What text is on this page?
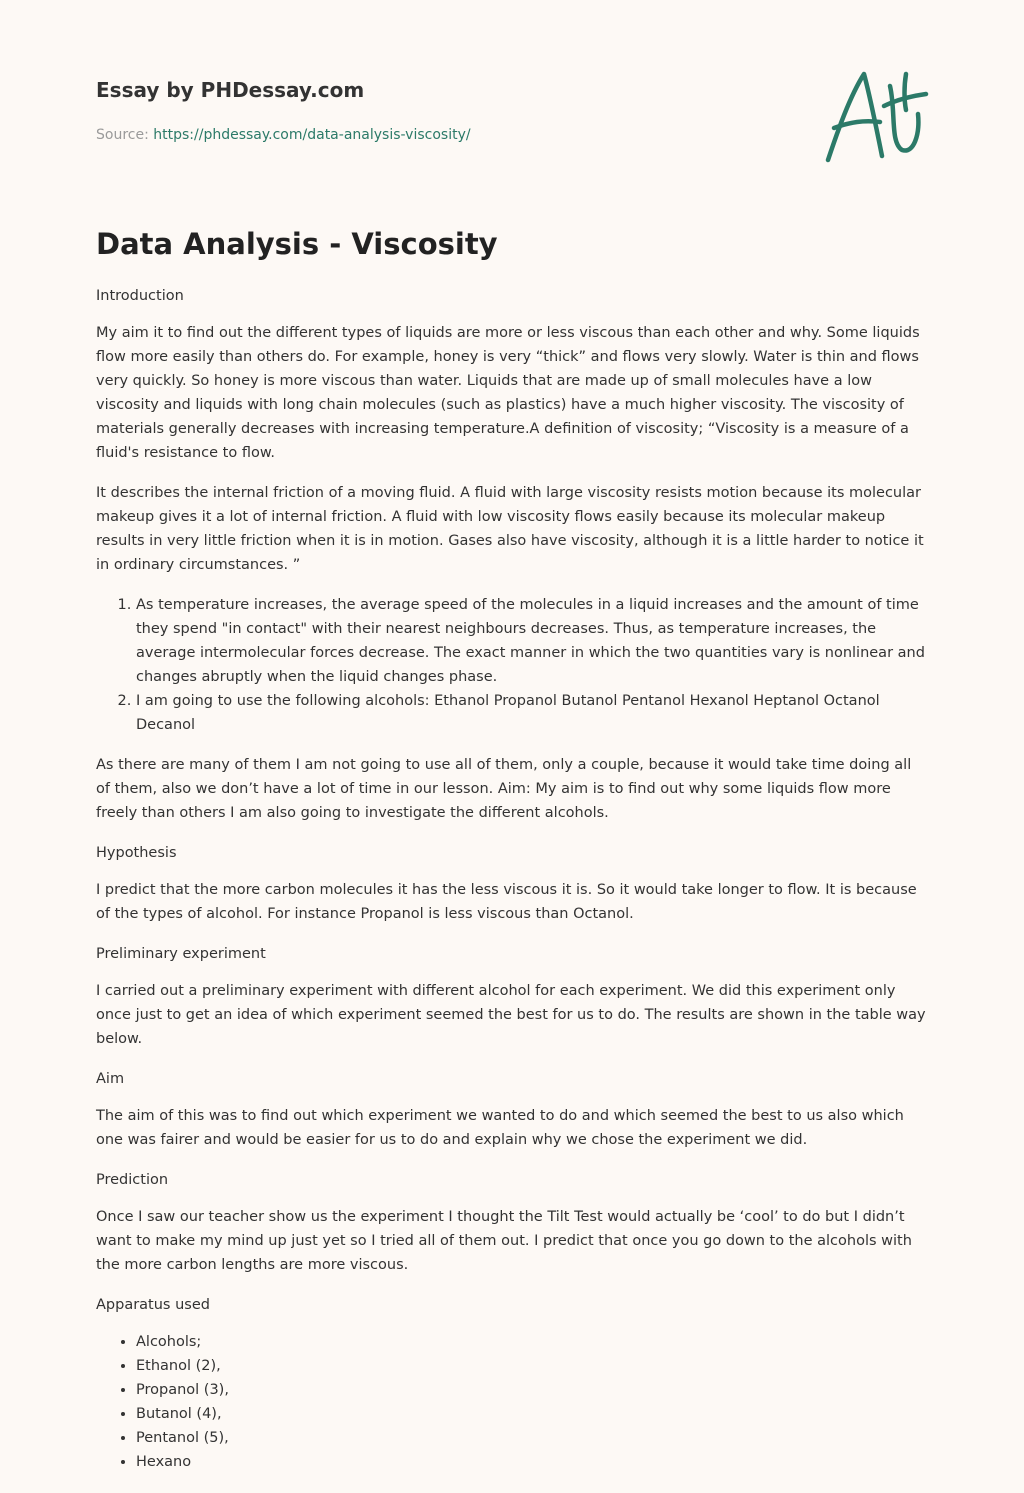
Essay by PHDessay.com
Source: https://phdessay.com/data-analysis-viscosity/
Data Analysis - Viscosity
Introduction

My aim it to find out the different types of liquids are more or less viscous than each other and why. Some liquids flow more easily than others do. For example, honey is very “thick” and flows very slowly. Water is thin and flows very quickly. So honey is more viscous than water. Liquids that are made up of small molecules have a low viscosity and liquids with long chain molecules (such as plastics) have a much higher viscosity. The viscosity of materials generally decreases with increasing temperature.A definition of viscosity; “Viscosity is a measure of a fluid's resistance to flow.

It describes the internal friction of a moving fluid. A fluid with large viscosity resists motion because its molecular makeup gives it a lot of internal friction. A fluid with low viscosity flows easily because its molecular makeup results in very little friction when it is in motion. Gases also have viscosity, although it is a little harder to notice it in ordinary circumstances. ”

1. As temperature increases, the average speed of the molecules in a liquid increases and the amount of time they spend "in contact" with their nearest neighbours decreases. Thus, as temperature increases, the average intermolecular forces decrease. The exact manner in which the two quantities vary is nonlinear and changes abruptly when the liquid changes phase.
2. I am going to use the following alcohols: Ethanol Propanol Butanol Pentanol Hexanol Heptanol Octanol Decanol

As there are many of them I am not going to use all of them, only a couple, because it would take time doing all of them, also we don’t have a lot of time in our lesson. Aim: My aim is to find out why some liquids flow more freely than others I am also going to investigate the different alcohols.

Hypothesis

I predict that the more carbon molecules it has the less viscous it is. So it would take longer to flow. It is because of the types of alcohol. For instance Propanol is less viscous than Octanol.

Preliminary experiment

I carried out a preliminary experiment with different alcohol for each experiment. We did this experiment only once just to get an idea of which experiment seemed the best for us to do. The results are shown in the table way below.

Aim

The aim of this was to find out which experiment we wanted to do and which seemed the best to us also which one was fairer and would be easier for us to do and explain why we chose the experiment we did.

Prediction

Once I saw our teacher show us the experiment I thought the Tilt Test would actually be ‘cool’ to do but I didn’t want to make my mind up just yet so I tried all of them out. I predict that once you go down to the alcohols with the more carbon lengths are more viscous.

Apparatus used
• Alcohols;
• Ethanol (2),
• Propanol (3),
• Butanol (4),
• Pentanol (5),
• Hexano
